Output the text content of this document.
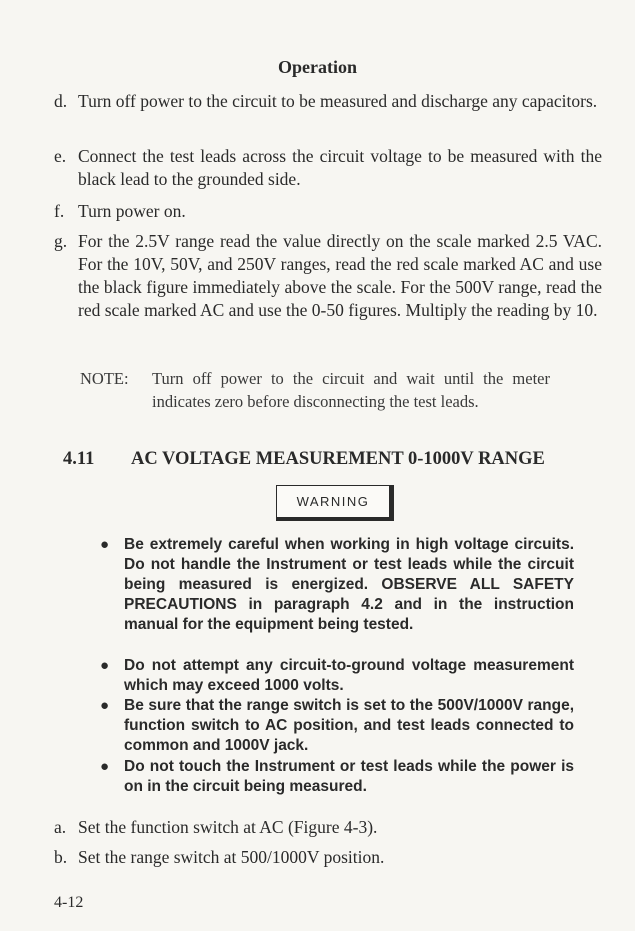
Operation
d. Turn off power to the circuit to be measured and discharge any capacitors.
e. Connect the test leads across the circuit voltage to be measured with the black lead to the grounded side.
f. Turn power on.
g. For the 2.5V range read the value directly on the scale marked 2.5 VAC. For the 10V, 50V, and 250V ranges, read the red scale marked AC and use the black figure immediately above the scale. For the 500V range, read the red scale marked AC and use the 0-50 figures. Multiply the reading by 10.
NOTE: Turn off power to the circuit and wait until the meter indicates zero before disconnecting the test leads.
4.11 AC VOLTAGE MEASUREMENT 0-1000V RANGE
WARNING
● Be extremely careful when working in high voltage circuits. Do not handle the Instrument or test leads while the circuit being measured is energized. OBSERVE ALL SAFETY PRECAUTIONS in paragraph 4.2 and in the instruction manual for the equipment being tested.
● Do not attempt any circuit-to-ground voltage measurement which may exceed 1000 volts.
● Be sure that the range switch is set to the 500V/1000V range, function switch to AC position, and test leads connected to common and 1000V jack.
● Do not touch the Instrument or test leads while the power is on in the circuit being measured.
a. Set the function switch at AC (Figure 4-3).
b. Set the range switch at 500/1000V position.
4-12
